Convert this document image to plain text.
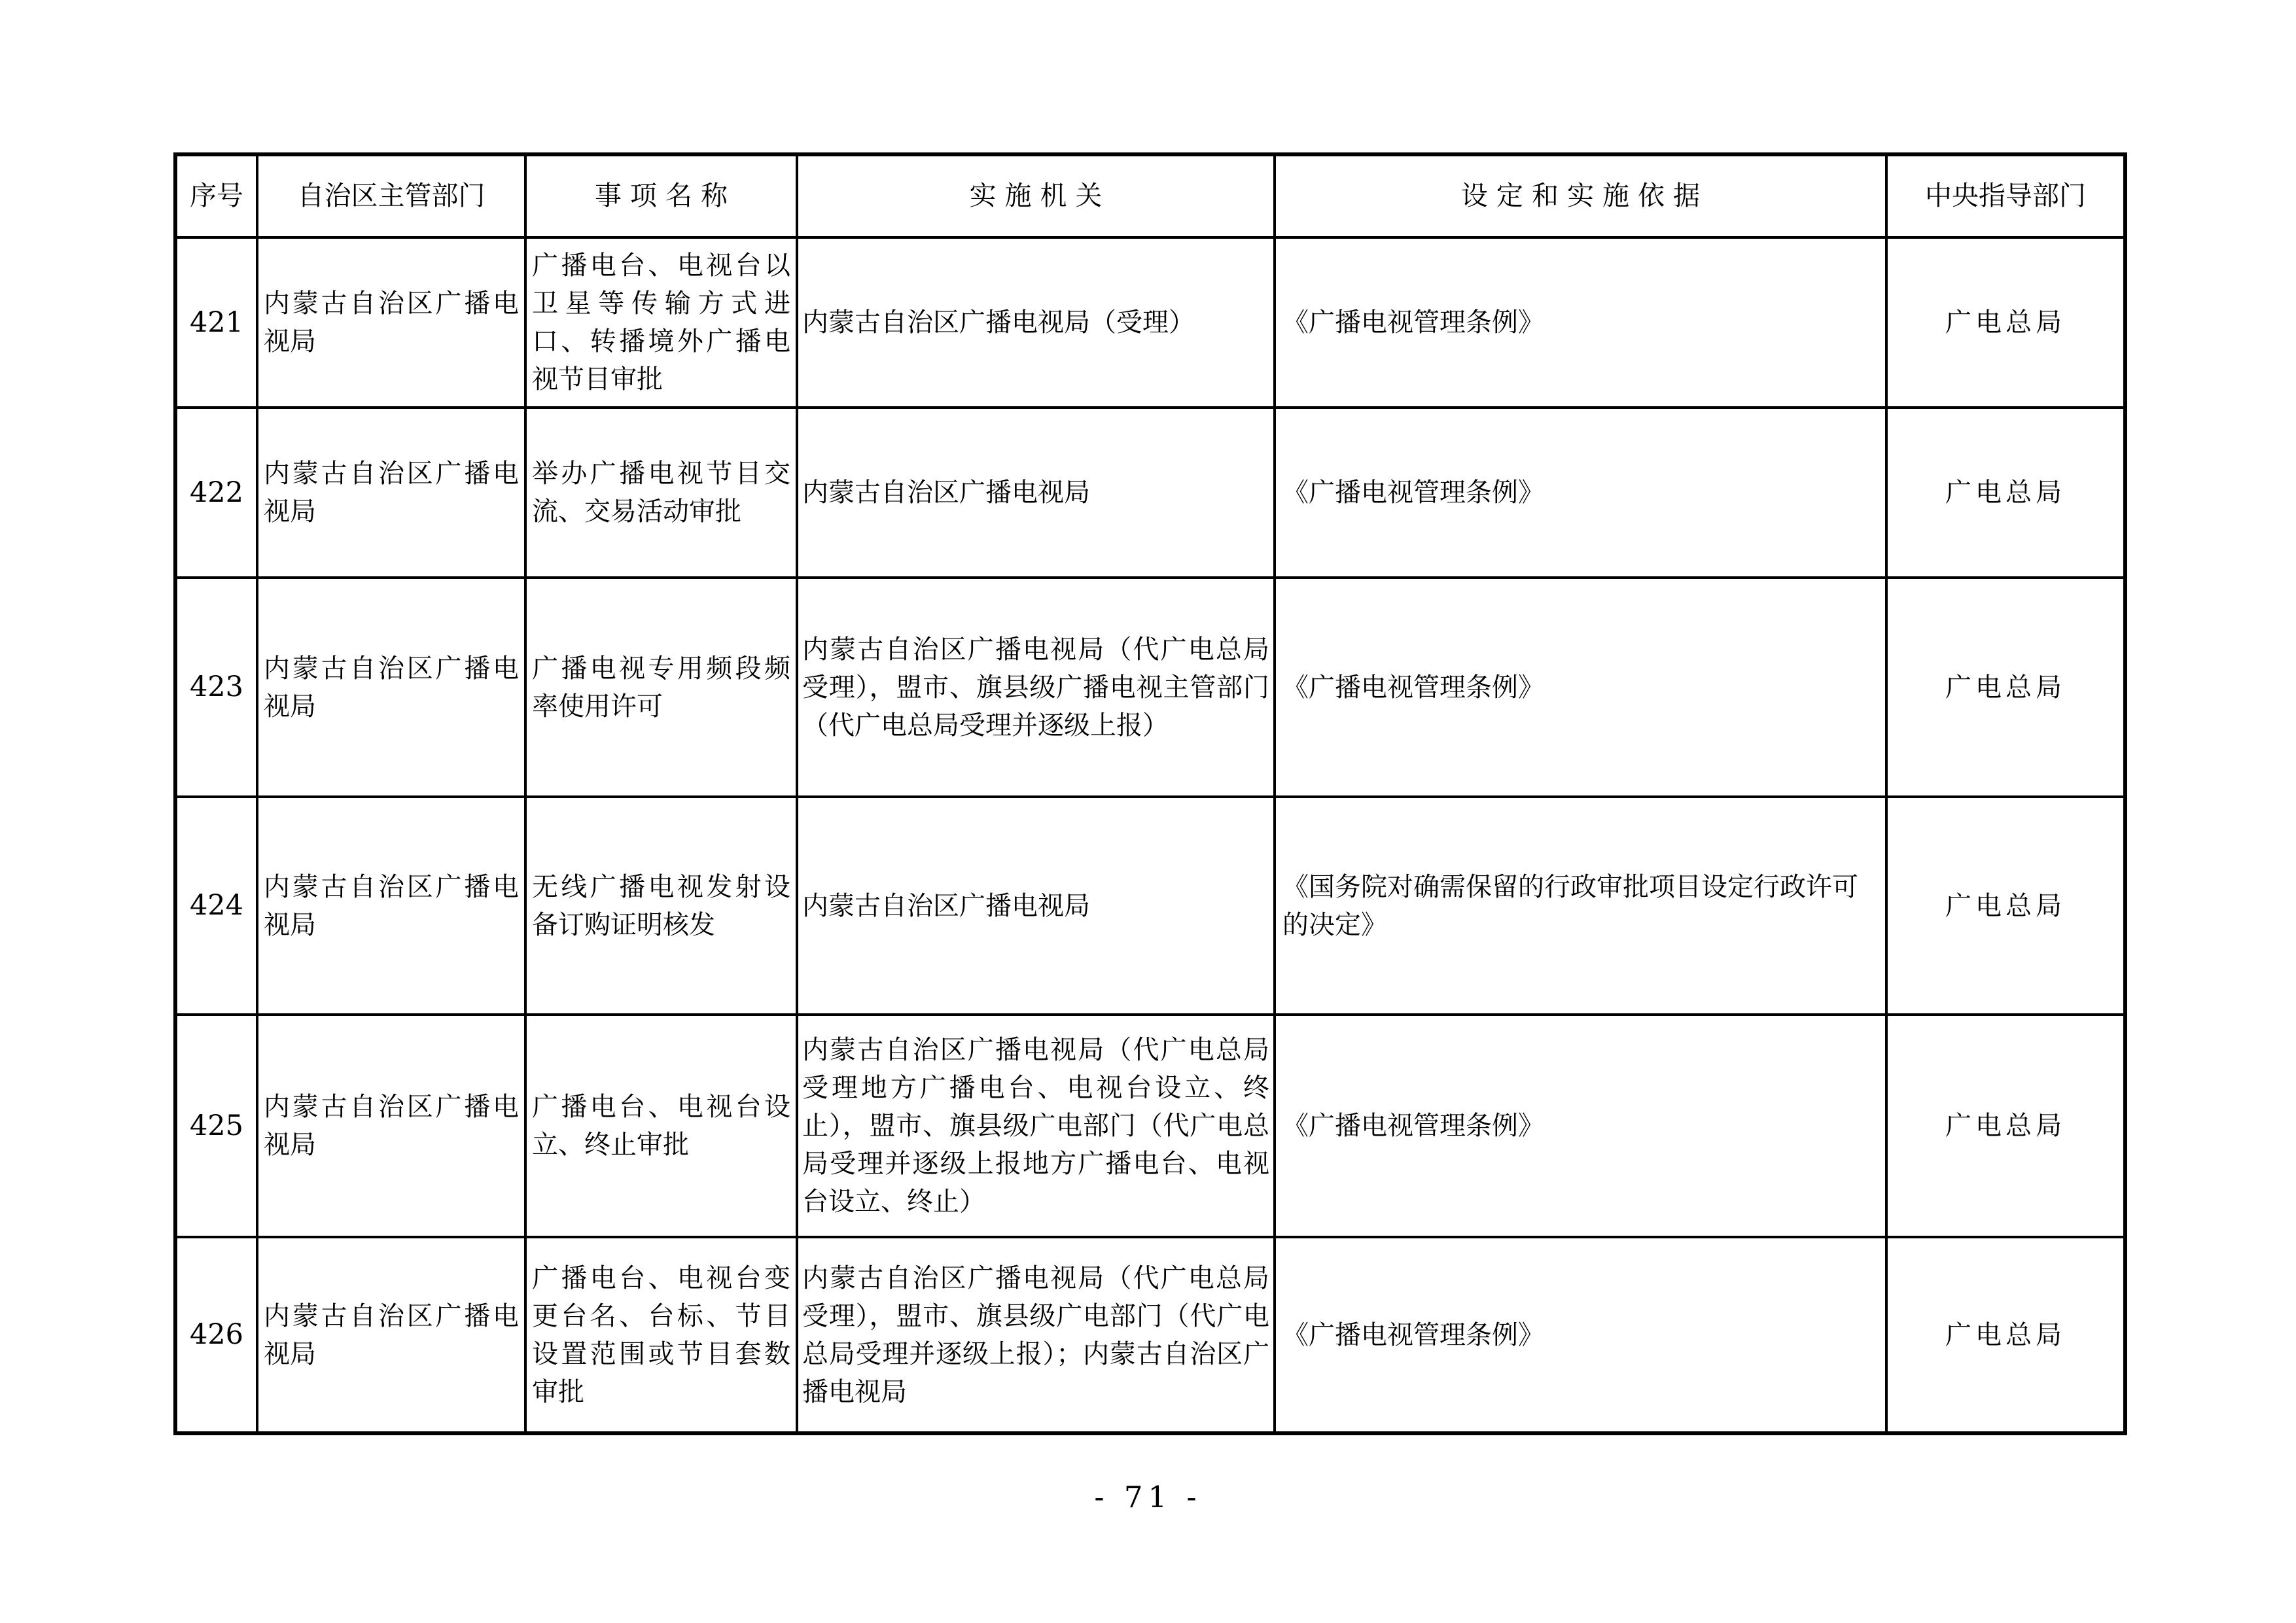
序号	自治区主管部门	事 项 名 称	实 施 机 关	设 定 和 实 施 依 据	中央指导部门
421	内蒙古自治区广播电视局	广播电台、电视台以卫星等传输方式进口、转播境外广播电视节目审批	内蒙古自治区广播电视局（受理）	《广播电视管理条例》	广电总局
422	内蒙古自治区广播电视局	举办广播电视节目交流、交易活动审批	内蒙古自治区广播电视局	《广播电视管理条例》	广电总局
423	内蒙古自治区广播电视局	广播电视专用频段频率使用许可	内蒙古自治区广播电视局（代广电总局受理），盟市、旗县级广播电视主管部门（代广电总局受理并逐级上报）	《广播电视管理条例》	广电总局
424	内蒙古自治区广播电视局	无线广播电视发射设备订购证明核发	内蒙古自治区广播电视局	《国务院对确需保留的行政审批项目设定行政许可的决定》	广电总局
425	内蒙古自治区广播电视局	广播电台、电视台设立、终止审批	内蒙古自治区广播电视局（代广电总局受理地方广播电台、电视台设立、终止），盟市、旗县级广电部门（代广电总局受理并逐级上报地方广播电台、电视台设立、终止）	《广播电视管理条例》	广电总局
426	内蒙古自治区广播电视局	广播电台、电视台变更台名、台标、节目设置范围或节目套数审批	内蒙古自治区广播电视局（代广电总局受理），盟市、旗县级广电部门（代广电总局受理并逐级上报）；内蒙古自治区广播电视局	《广播电视管理条例》	广电总局
- 71 -
